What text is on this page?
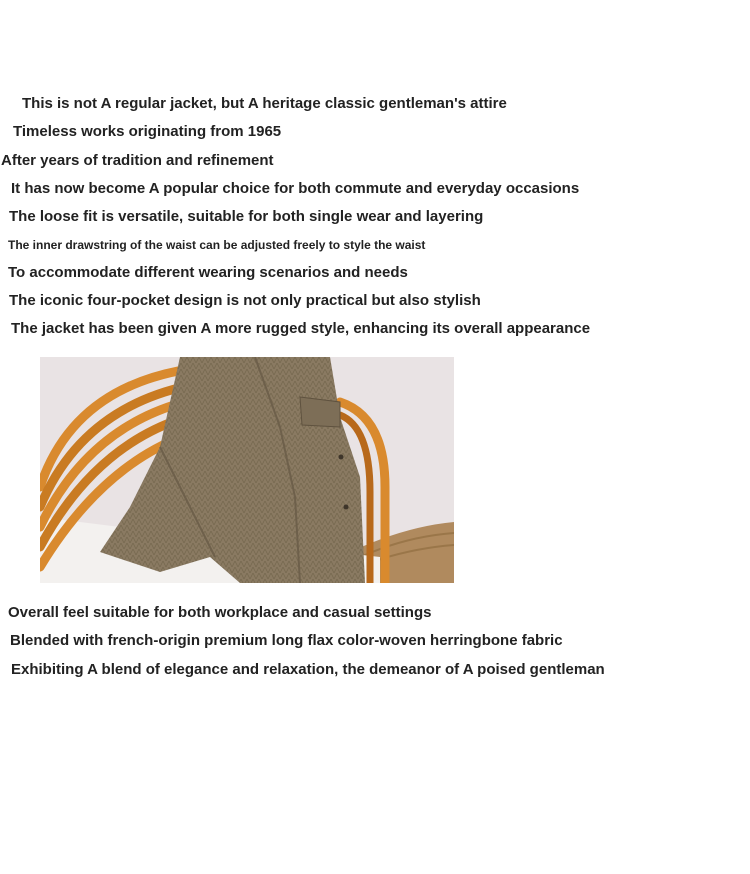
This is not A regular jacket, but A heritage classic gentleman's attire

Timeless works originating from 1965

After years of tradition and refinement

It has now become A popular choice for both commute and everyday occasions

The loose fit is versatile, suitable for both single wear and layering

The inner drawstring of the waist can be adjusted freely to style the waist

To accommodate different wearing scenarios and needs

The iconic four-pocket design is not only practical but also stylish

The jacket has been given A more rugged style, enhancing its overall appearance

Overall feel suitable for both workplace and casual settings

Blended with french-origin premium long flax color-woven herringbone fabric

Exhibiting A blend of elegance and relaxation, the demeanor of A poised gentleman
